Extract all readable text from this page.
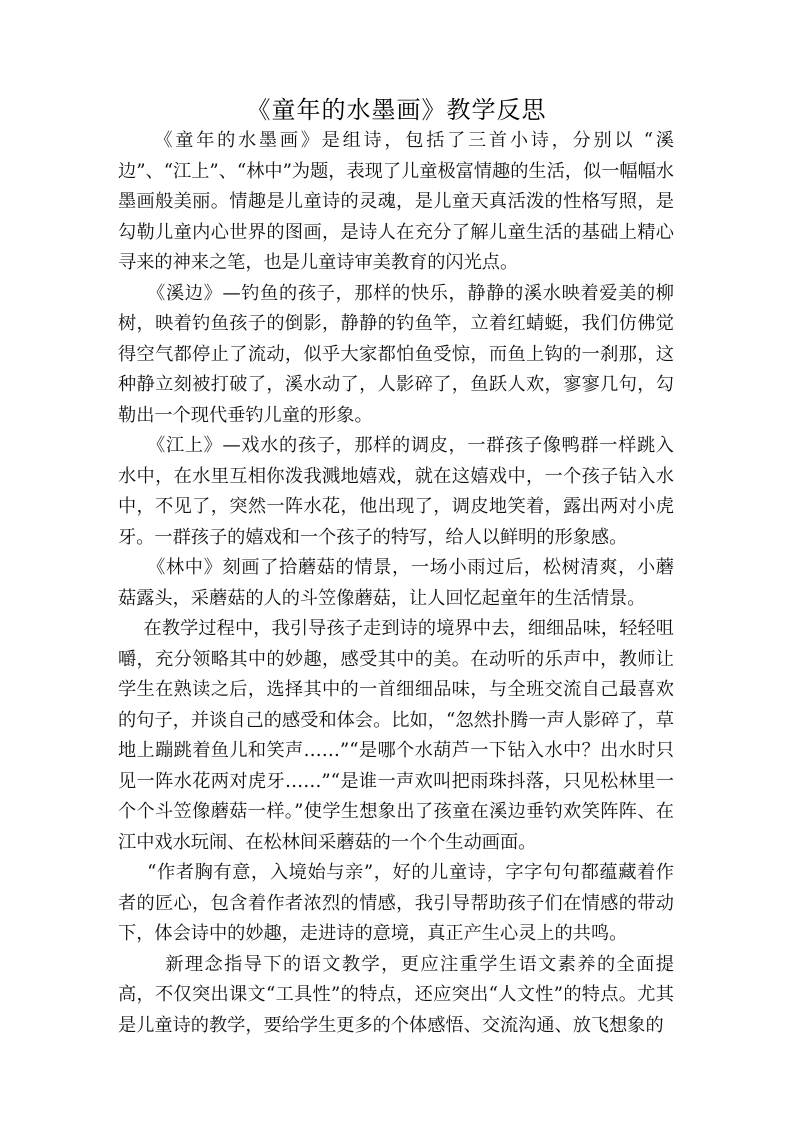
《童年的水墨画》教学反思

《童年的水墨画》是组诗，包括了三首小诗，分别以 “溪边”、“江上”、“林中”为题，表现了儿童极富情趣的生活，似一幅幅水墨画般美丽。情趣是儿童诗的灵魂，是儿童天真活泼的性格写照，是勾勒儿童内心世界的图画，是诗人在充分了解儿童生活的基础上精心寻来的神来之笔，也是儿童诗审美教育的闪光点。

《溪边》—钓鱼的孩子，那样的快乐，静静的溪水映着爱美的柳树，映着钓鱼孩子的倒影，静静的钓鱼竿，立着红蜻蜓，我们仿佛觉得空气都停止了流动，似乎大家都怕鱼受惊，而鱼上钩的一刹那，这种静立刻被打破了，溪水动了，人影碎了，鱼跃人欢，寥寥几句，勾勒出一个现代垂钓儿童的形象。

《江上》—戏水的孩子，那样的调皮，一群孩子像鸭群一样跳入水中，在水里互相你泼我溅地嬉戏，就在这嬉戏中，一个孩子钻入水中，不见了，突然一阵水花，他出现了，调皮地笑着，露出两对小虎牙。一群孩子的嬉戏和一个孩子的特写，给人以鲜明的形象感。

《林中》刻画了拾蘑菇的情景，一场小雨过后，松树清爽，小蘑菇露头，采蘑菇的人的斗笠像蘑菇，让人回忆起童年的生活情景。

在教学过程中，我引导孩子走到诗的境界中去，细细品味，轻轻咀嚼，充分领略其中的妙趣，感受其中的美。在动听的乐声中，教师让学生在熟读之后，选择其中的一首细细品味，与全班交流自己最喜欢的句子，并谈自己的感受和体会。比如，“忽然扑腾一声人影碎了，草地上蹦跳着鱼儿和笑声……”“是哪个水葫芦一下钻入水中？出水时只见一阵水花两对虎牙……”“是谁一声欢叫把雨珠抖落，只见松林里一个个斗笠像蘑菇一样。”使学生想象出了孩童在溪边垂钓欢笑阵阵、在江中戏水玩闹、在松林间采蘑菇的一个个生动画面。

“作者胸有意，入境始与亲”，好的儿童诗，字字句句都蕴藏着作者的匠心，包含着作者浓烈的情感，我引导帮助孩子们在情感的带动下，体会诗中的妙趣，走进诗的意境，真正产生心灵上的共鸣。

新理念指导下的语文教学，更应注重学生语文素养的全面提高，不仅突出课文“工具性”的特点，还应突出“人文性”的特点。尤其是儿童诗的教学，要给学生更多的个体感悟、交流沟通、放飞想象的
